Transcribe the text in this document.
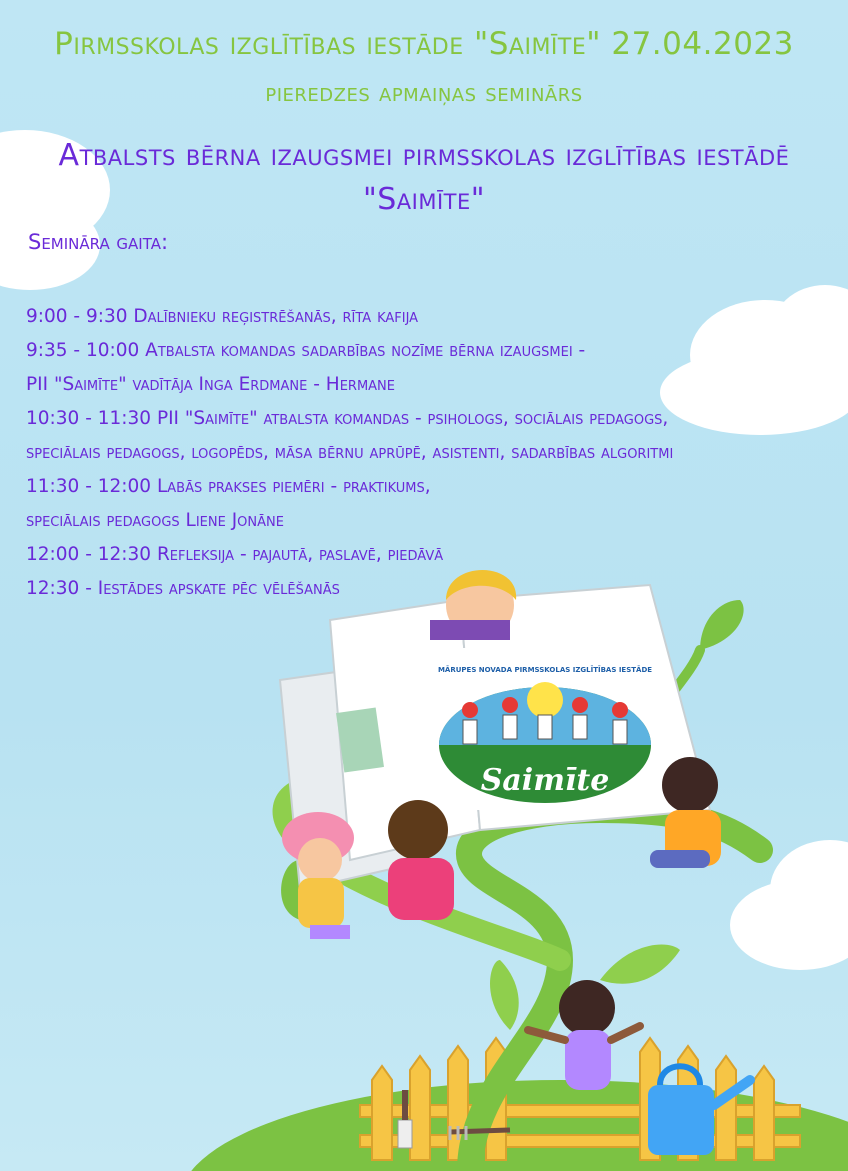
Pirmsskolas izglītības iestāde "Saimīte" 27.04.2023
pieredzes apmaiņas seminārs
Atbalsts bērna izaugsmei pirmsskolas izglītības iestādē
"Saimīte"
Semināra gaita:
9:00 - 9:30 Dalībnieku reģistrēšanās, rīta kafija
9:35 - 10:00 Atbalsta komandas sadarbības nozīme bērna izaugsmei -
PII "Saimīte" vadītāja Inga Erdmane - Hermane
10:30 - 11:30 PII "Saimīte" atbalsta komandas - psihologs, sociālais pedagogs,
speciālais pedagogs, logopēds, māsa bērnu aprūpē, asistenti, sadarbības algoritmi
11:30 - 12:00 Labās prakses piemēri - praktikums,
speciālais pedagogs Liene Jonāne
12:00 - 12:30 Refleksija - pajautā, paslavē, piedāvā
12:30 - Iestādes apskate pēc vēlēšanās
MĀRUPES NOVADA PIRMSSKOLAS IZGLĪTĪBAS IESTĀDE
Saimīte
